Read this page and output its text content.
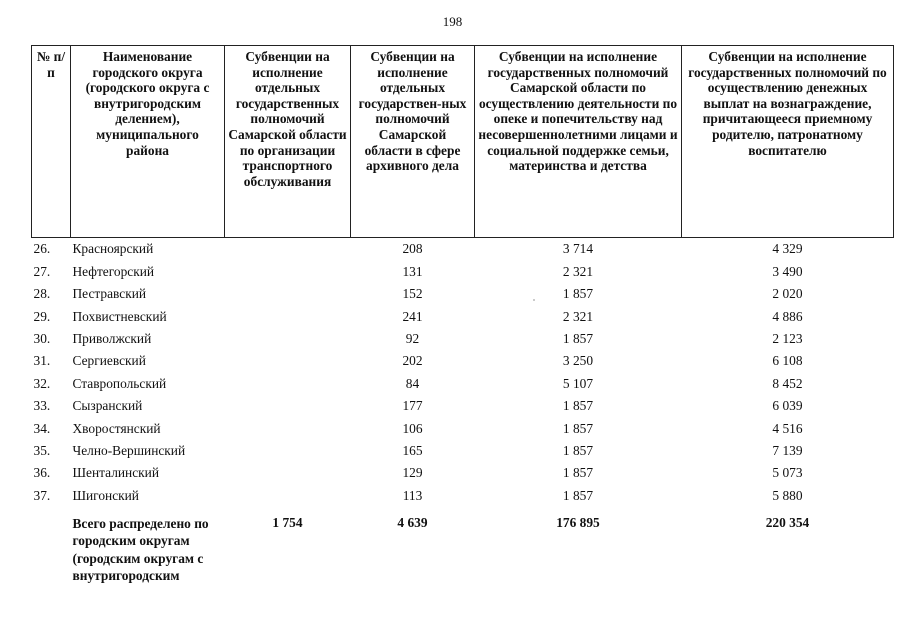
198
№ п/п	Наименование городского округа (городского округа с внутригородским делением), муниципального района	Субвенции на исполнение отдельных государственных полномочий Самарской области по организации транспортного обслуживания	Субвенции на исполнение отдельных государствен-ных полномочий Самарской области в сфере архивного дела	Субвенции на исполнение государственных полномочий Самарской области по осуществлению деятельности по опеке и попечительству над несовершеннолетними лицами и социальной поддержке семьи, материнства и детства	Субвенции на исполнение государственных полномочий по осуществлению денежных выплат на вознаграждение, причитающееся приемному родителю, патронатному воспитателю
26.	Красноярский		208	3 714	4 329
27.	Нефтегорский		131	2 321	3 490
28.	Пестравский		152	1 857	2 020
29.	Похвистневский		241	2 321	4 886
30.	Приволжский		92	1 857	2 123
31.	Сергиевский		202	3 250	6 108
32.	Ставропольский		84	5 107	8 452
33.	Сызранский		177	1 857	6 039
34.	Хворостянский		106	1 857	4 516
35.	Челно-Вершинский		165	1 857	7 139
36.	Шенталинский		129	1 857	5 073
37.	Шигонский		113	1 857	5 880
	Всего распределено по городским округам (городским округам с внутригородским	1 754	4 639	176 895	220 354
